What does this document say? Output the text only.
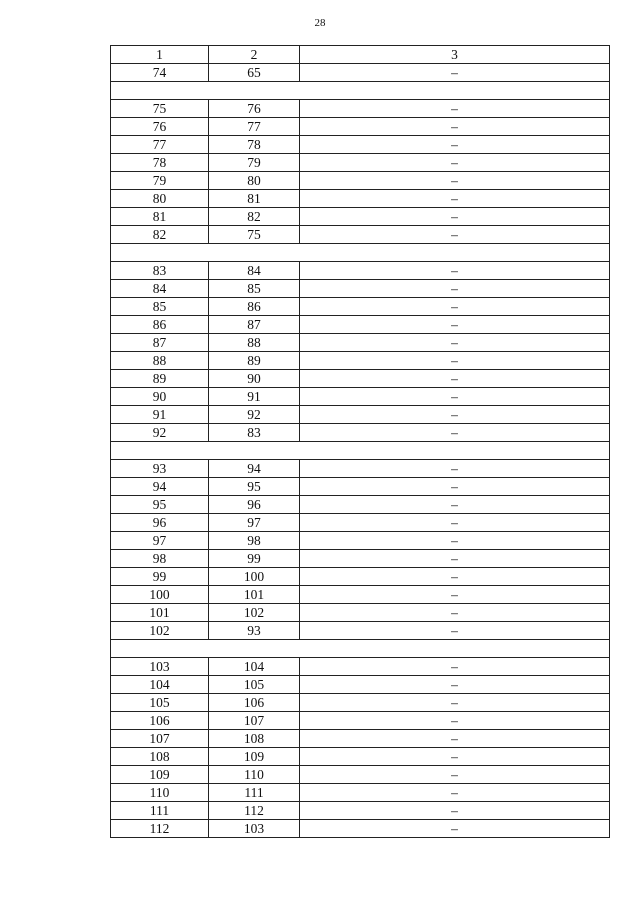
28
1	2	3
74	65	–

75	76	–
76	77	–
77	78	–
78	79	–
79	80	–
80	81	–
81	82	–
82	75	–

83	84	–
84	85	–
85	86	–
86	87	–
87	88	–
88	89	–
89	90	–
90	91	–
91	92	–
92	83	–

93	94	–
94	95	–
95	96	–
96	97	–
97	98	–
98	99	–
99	100	–
100	101	–
101	102	–
102	93	–

103	104	–
104	105	–
105	106	–
106	107	–
107	108	–
108	109	–
109	110	–
110	111	–
111	112	–
112	103	–
